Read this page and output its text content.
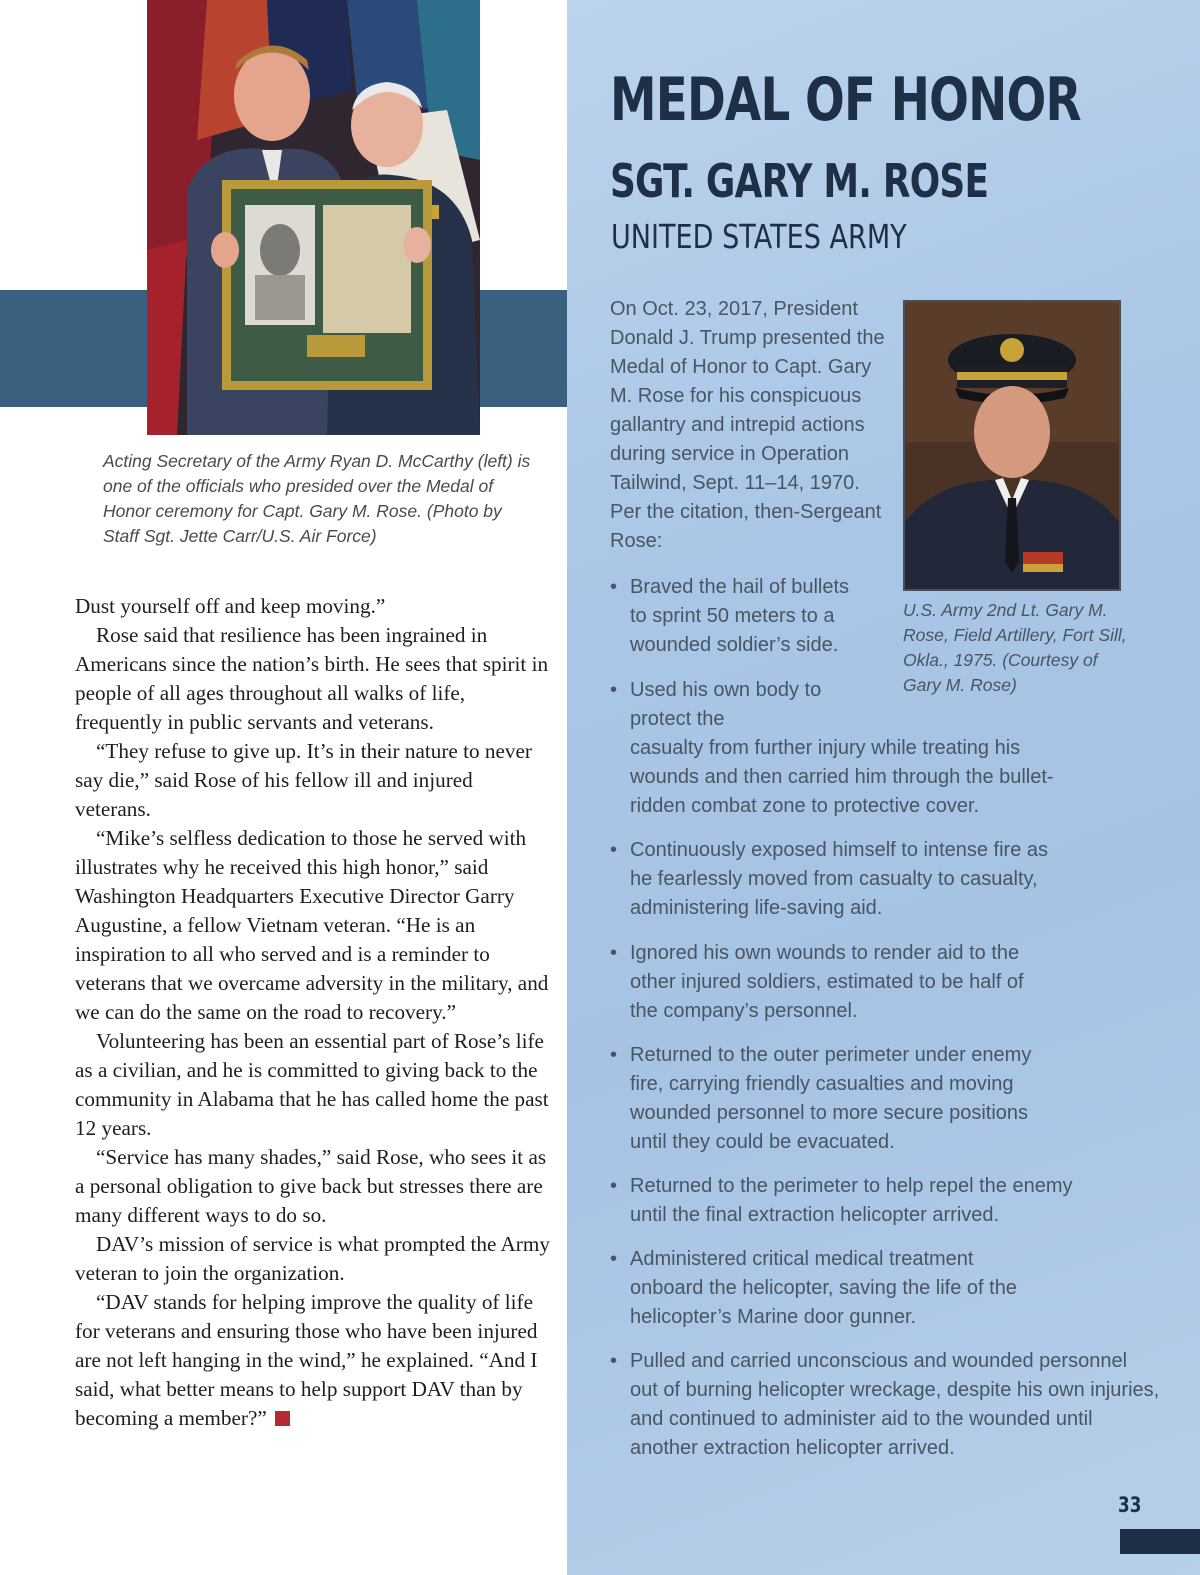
Acting Secretary of the Army Ryan D. McCarthy (left) is one of the officials who presided over the Medal of Honor ceremony for Capt. Gary M. Rose. (Photo by Staff Sgt. Jette Carr/U.S. Air Force)

Dust yourself off and keep moving.”

Rose said that resilience has been ingrained in Americans since the nation’s birth. He sees that spirit in people of all ages throughout all walks of life, frequently in public servants and veterans.

“They refuse to give up. It’s in their nature to never say die,” said Rose of his fellow ill and injured veterans.

“Mike’s selfless dedication to those he served with illustrates why he received this high honor,” said Washington Headquarters Executive Director Garry Augustine, a fellow Vietnam veteran. “He is an inspiration to all who served and is a reminder to veterans that we overcame adversity in the military, and we can do the same on the road to recovery.”

Volunteering has been an essential part of Rose’s life as a civilian, and he is committed to giving back to the community in Alabama that he has called home the past 12 years.

“Service has many shades,” said Rose, who sees it as a personal obligation to give back but stresses there are many different ways to do so.

DAV’s mission of service is what prompted the Army veteran to join the organization.

“DAV stands for helping improve the quality of life for veterans and ensuring those who have been injured are not left hanging in the wind,” he explained. “And I said, what better means to help support DAV than by becoming a member?”

MEDAL OF HONOR
SGT. GARY M. ROSE
UNITED STATES ARMY
On Oct. 23, 2017, President Donald J. Trump presented the Medal of Honor to Capt. Gary M. Rose for his conspicuous gallantry and intrepid actions during service in Operation Tailwind, Sept. 11–14, 1970. Per the citation, then-Sergeant Rose:
U.S. Army 2nd Lt. Gary M. Rose, Field Artillery, Fort Sill, Okla., 1975. (Courtesy of Gary M. Rose)
• Braved the hail of bullets to sprint 50 meters to a wounded soldier’s side.
• Used his own body to protect the
casualty from further injury while treating his wounds and then carried him through the bullet-ridden combat zone to protective cover.
• Continuously exposed himself to intense fire as he fearlessly moved from casualty to casualty, administering life-saving aid.
• Ignored his own wounds to render aid to the other injured soldiers, estimated to be half of the company’s personnel.
• Returned to the outer perimeter under enemy fire, carrying friendly casualties and moving wounded personnel to more secure positions until they could be evacuated.
• Returned to the perimeter to help repel the enemy until the final extraction helicopter arrived.
• Administered critical medical treatment onboard the helicopter, saving the life of the helicopter’s Marine door gunner.
• Pulled and carried unconscious and wounded personnel out of burning helicopter wreckage, despite his own injuries, and continued to administer aid to the wounded until another extraction helicopter arrived.
33
